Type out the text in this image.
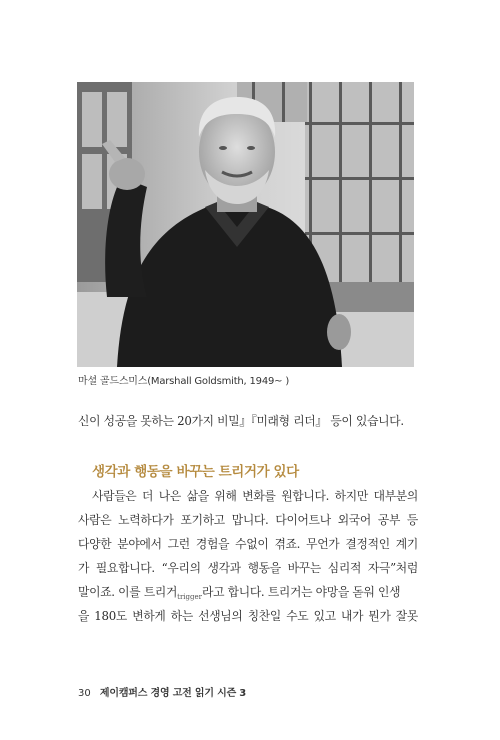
마셜 골드스미스(Marshall Goldsmith, 1949~ )
신이 성공을 못하는 20가지 비밀』『미래형 리더』 등이 있습니다.
생각과 행동을 바꾸는 트리거가 있다
사람들은 더 나은 삶을 위해 변화를 원합니다. 하지만 대부분의
사람은 노력하다가 포기하고 맙니다. 다이어트나 외국어 공부 등
다양한 분야에서 그런 경험을 수없이 겪죠. 무언가 결정적인 계기
가 필요합니다. “우리의 생각과 행동을 바꾸는 심리적 자극”처럼
말이죠. 이를 트리거$_{trigger}$라고 합니다. 트리거는 야망을 돋워 인생
을 180도 변하게 하는 선생님의 칭찬일 수도 있고 내가 뭔가 잘못
30 제이캠퍼스 경영 고전 읽기 시즌 3
